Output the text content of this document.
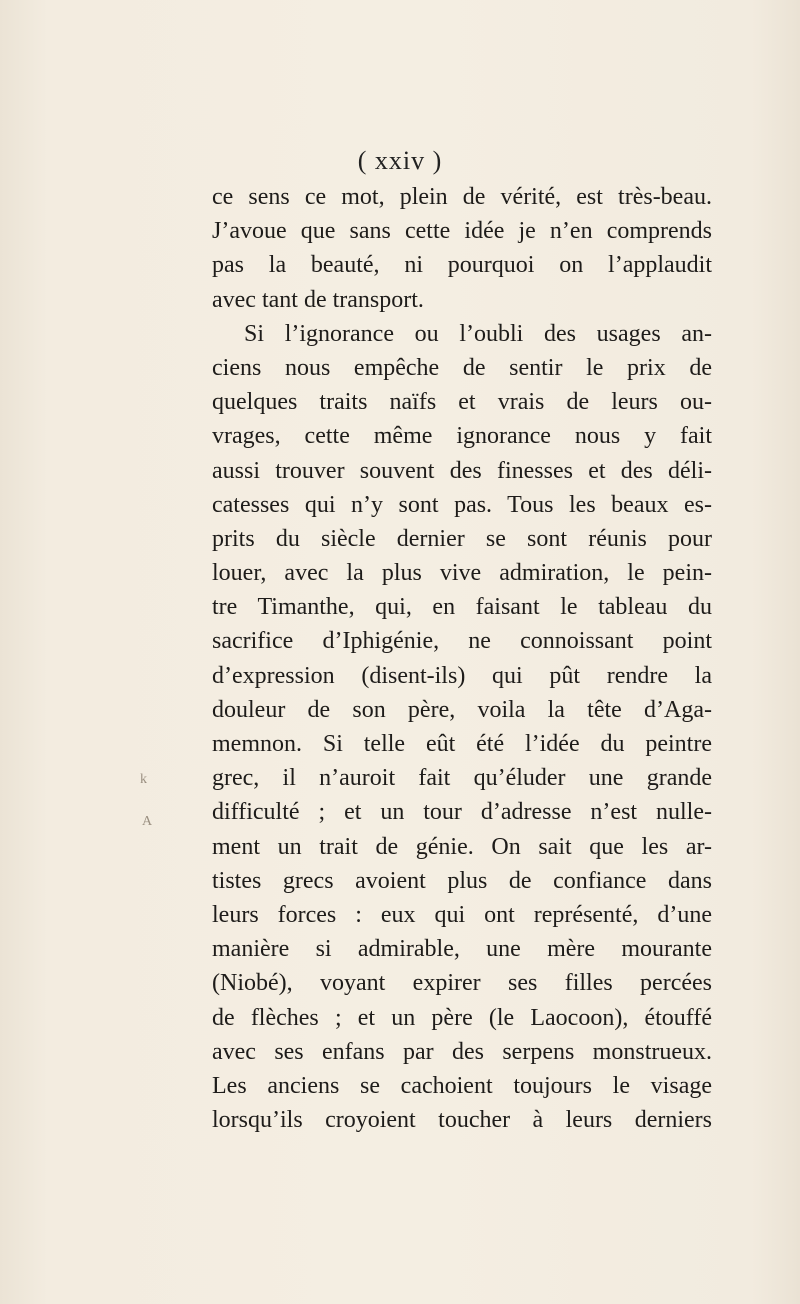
( xxiv )
k
A
ce sens ce mot, plein de vérité, est très-beau.
J’avoue que sans cette idée je n’en comprends
pas la beauté, ni pourquoi on l’applaudit
avec tant de transport.
Si l’ignorance ou l’oubli des usages an-
ciens nous empêche de sentir le prix de
quelques traits naïfs et vrais de leurs ou-
vrages, cette même ignorance nous y fait
aussi trouver souvent des finesses et des déli-
catesses qui n’y sont pas. Tous les beaux es-
prits du siècle dernier se sont réunis pour
louer, avec la plus vive admiration, le pein-
tre Timanthe, qui, en faisant le tableau du
sacrifice d’Iphigénie, ne connoissant point
d’expression (disent-ils) qui pût rendre la
douleur de son père, voila la tête d’Aga-
memnon. Si telle eût été l’idée du peintre
grec, il n’auroit fait qu’éluder une grande
difficulté ; et un tour d’adresse n’est nulle-
ment un trait de génie. On sait que les ar-
tistes grecs avoient plus de confiance dans
leurs forces : eux qui ont représenté, d’une
manière si admirable, une mère mourante
(Niobé), voyant expirer ses filles percées
de flèches ; et un père (le Laocoon), étouffé
avec ses enfans par des serpens monstrueux.
Les anciens se cachoient toujours le visage
lorsqu’ils croyoient toucher à leurs derniers
